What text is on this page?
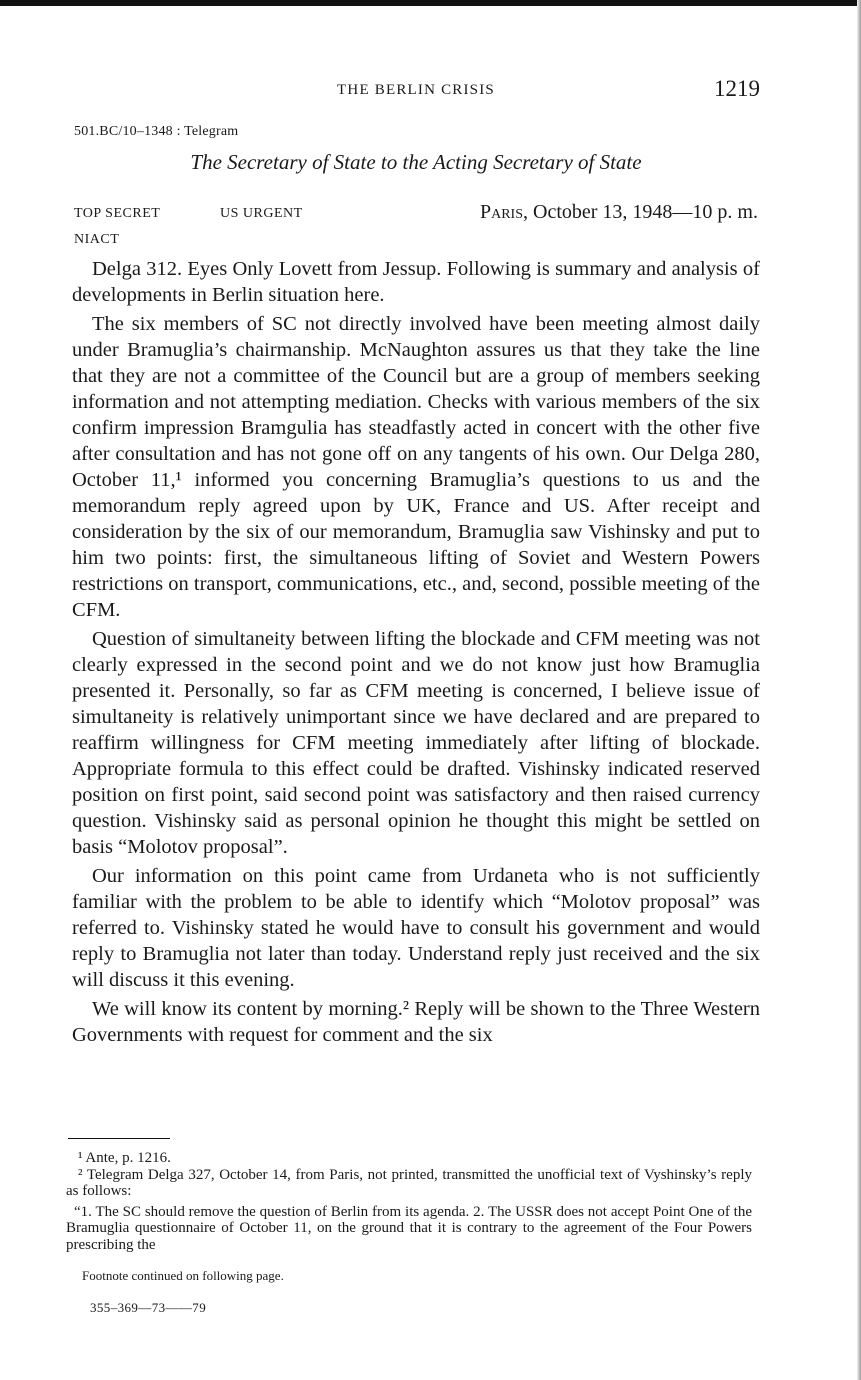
THE BERLIN CRISIS	1219
501.BC/10–1348 : Telegram
The Secretary of State to the Acting Secretary of State
TOP SECRET	US URGENT	Paris, October 13, 1948—10 p. m.
NIACT

Delga 312. Eyes Only Lovett from Jessup. Following is summary and analysis of developments in Berlin situation here.

The six members of SC not directly involved have been meeting almost daily under Bramuglia’s chairmanship. McNaughton assures us that they take the line that they are not a committee of the Council but are a group of members seeking information and not attempting mediation. Checks with various members of the six confirm impression Bramgulia has steadfastly acted in concert with the other five after consultation and has not gone off on any tangents of his own. Our Delga 280, October 11,¹ informed you concerning Bramuglia’s questions to us and the memorandum reply agreed upon by UK, France and US. After receipt and consideration by the six of our memorandum, Bramuglia saw Vishinsky and put to him two points: first, the simultaneous lifting of Soviet and Western Powers restrictions on transport, communications, etc., and, second, possible meeting of the CFM.

Question of simultaneity between lifting the blockade and CFM meeting was not clearly expressed in the second point and we do not know just how Bramuglia presented it. Personally, so far as CFM meeting is concerned, I believe issue of simultaneity is relatively unimportant since we have declared and are prepared to reaffirm willingness for CFM meeting immediately after lifting of blockade. Appropriate formula to this effect could be drafted. Vishinsky indicated reserved position on first point, said second point was satisfactory and then raised currency question. Vishinsky said as personal opinion he thought this might be settled on basis “Molotov proposal”.

Our information on this point came from Urdaneta who is not sufficiently familiar with the problem to be able to identify which “Molotov proposal” was referred to. Vishinsky stated he would have to consult his government and would reply to Bramuglia not later than today. Understand reply just received and the six will discuss it this evening.

We will know its content by morning.² Reply will be shown to the Three Western Governments with request for comment and the six

¹ Ante, p. 1216.

² Telegram Delga 327, October 14, from Paris, not printed, transmitted the unofficial text of Vyshinsky’s reply as follows:

“1. The SC should remove the question of Berlin from its agenda. 2. The USSR does not accept Point One of the Bramuglia questionnaire of October 11, on the ground that it is contrary to the agreement of the Four Powers prescribing the

Footnote continued on following page.
355–369—73——79
